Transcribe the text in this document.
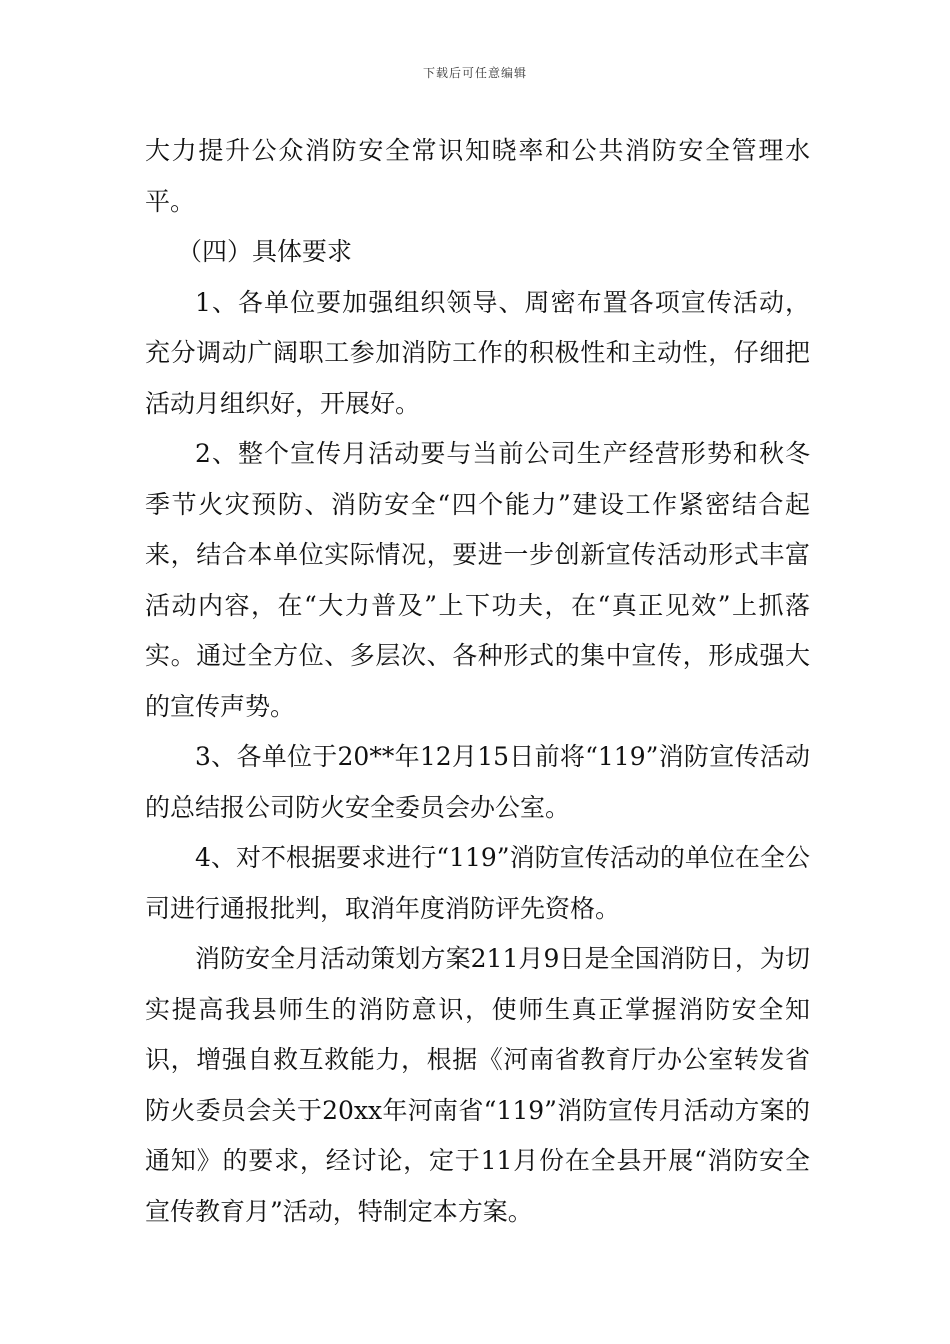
下载后可任意编辑

大力提升公众消防安全常识知晓率和公共消防安全管理水平。

（四）具体要求

1、各单位要加强组织领导、周密布置各项宣传活动，充分调动广阔职工参加消防工作的积极性和主动性，仔细把活动月组织好，开展好。

2、整个宣传月活动要与当前公司生产经营形势和秋冬季节火灾预防、消防安全“四个能力”建设工作紧密结合起来，结合本单位实际情况，要进一步创新宣传活动形式丰富活动内容，在“大力普及”上下功夫，在“真正见效”上抓落实。通过全方位、多层次、各种形式的集中宣传，形成强大的宣传声势。

3、各单位于20**年12月15日前将“119”消防宣传活动的总结报公司防火安全委员会办公室。

4、对不根据要求进行“119”消防宣传活动的单位在全公司进行通报批判，取消年度消防评先资格。

消防安全月活动策划方案211月9日是全国消防日，为切实提高我县师生的消防意识，使师生真正掌握消防安全知识，增强自救互救能力，根据《河南省教育厅办公室转发省防火委员会关于20xx年河南省“119”消防宣传月活动方案的通知》的要求，经讨论，定于11月份在全县开展“消防安全宣传教育月”活动，特制定本方案。
